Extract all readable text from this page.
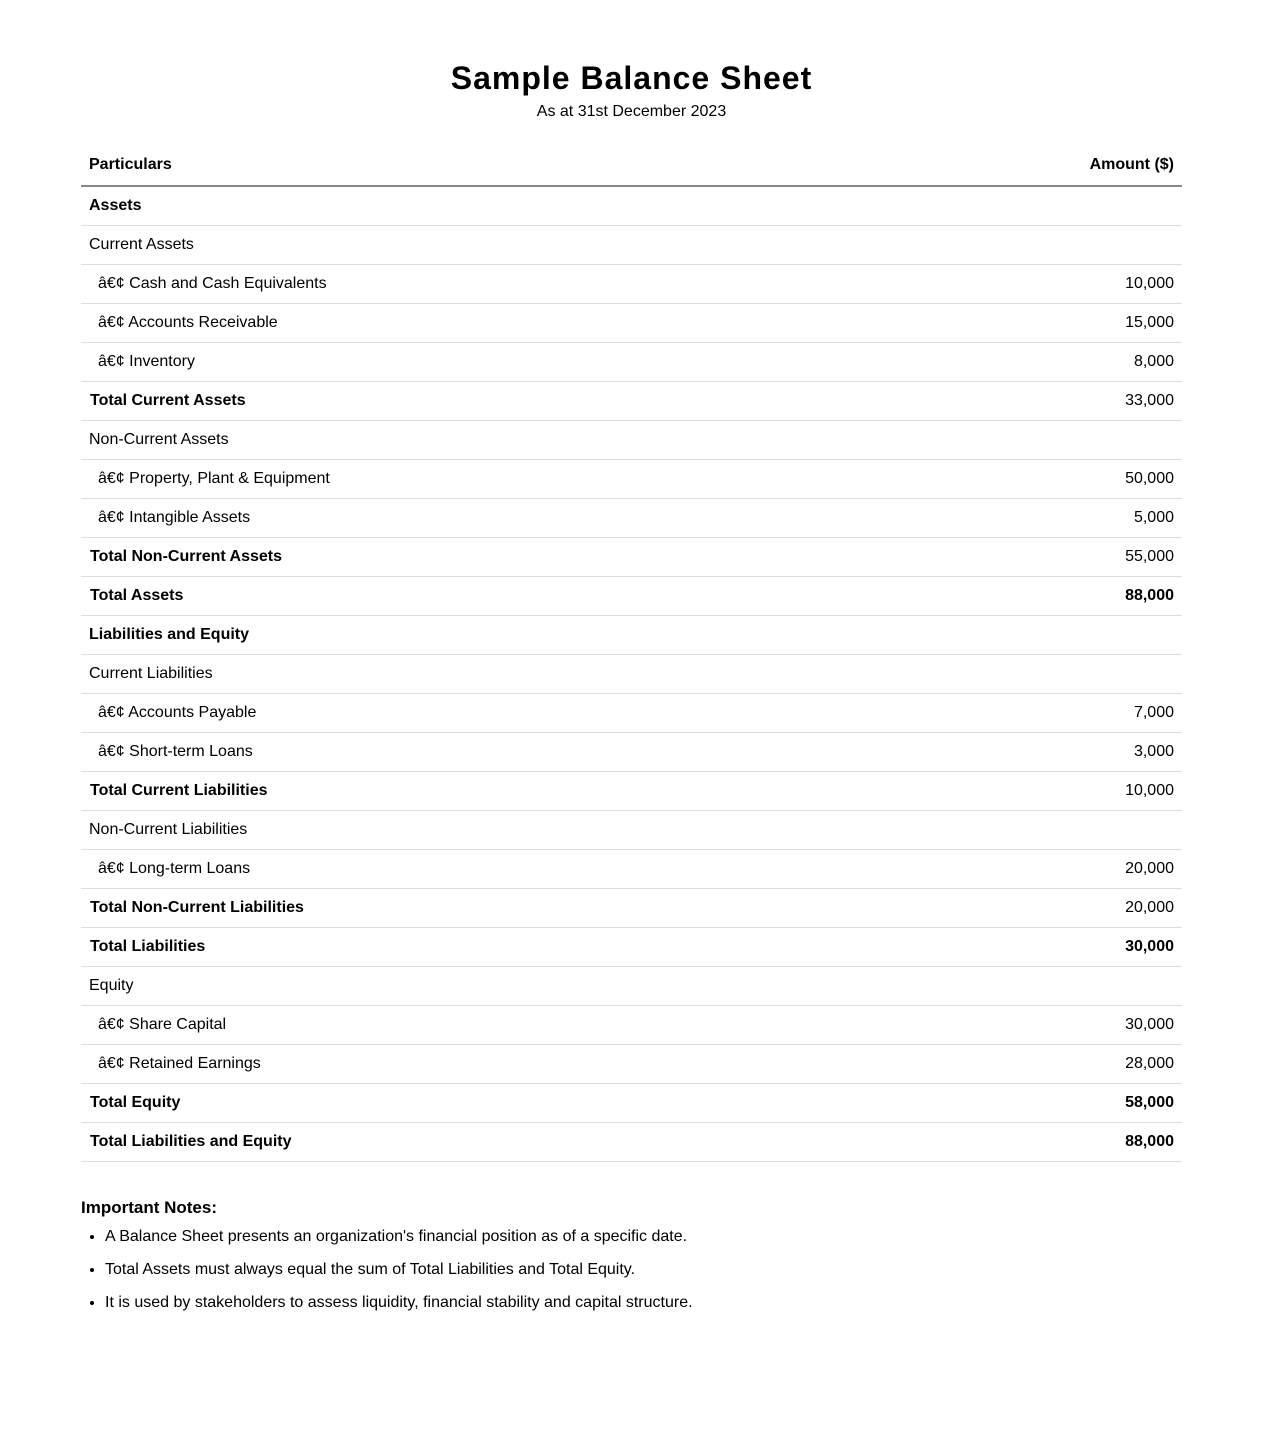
Sample Balance Sheet
As at 31st December 2023
Particulars	Amount ($)
Assets	
Current Assets	
â€¢ Cash and Cash Equivalents	10,000
â€¢ Accounts Receivable	15,000
â€¢ Inventory	8,000
Total Current Assets	33,000
Non-Current Assets	
â€¢ Property, Plant & Equipment	50,000
â€¢ Intangible Assets	5,000
Total Non-Current Assets	55,000
Total Assets	88,000
Liabilities and Equity	
Current Liabilities	
â€¢ Accounts Payable	7,000
â€¢ Short-term Loans	3,000
Total Current Liabilities	10,000
Non-Current Liabilities	
â€¢ Long-term Loans	20,000
Total Non-Current Liabilities	20,000
Total Liabilities	30,000
Equity	
â€¢ Share Capital	30,000
â€¢ Retained Earnings	28,000
Total Equity	58,000
Total Liabilities and Equity	88,000
Important Notes:
• A Balance Sheet presents an organization's financial position as of a specific date.
• Total Assets must always equal the sum of Total Liabilities and Total Equity.
• It is used by stakeholders to assess liquidity, financial stability and capital structure.
